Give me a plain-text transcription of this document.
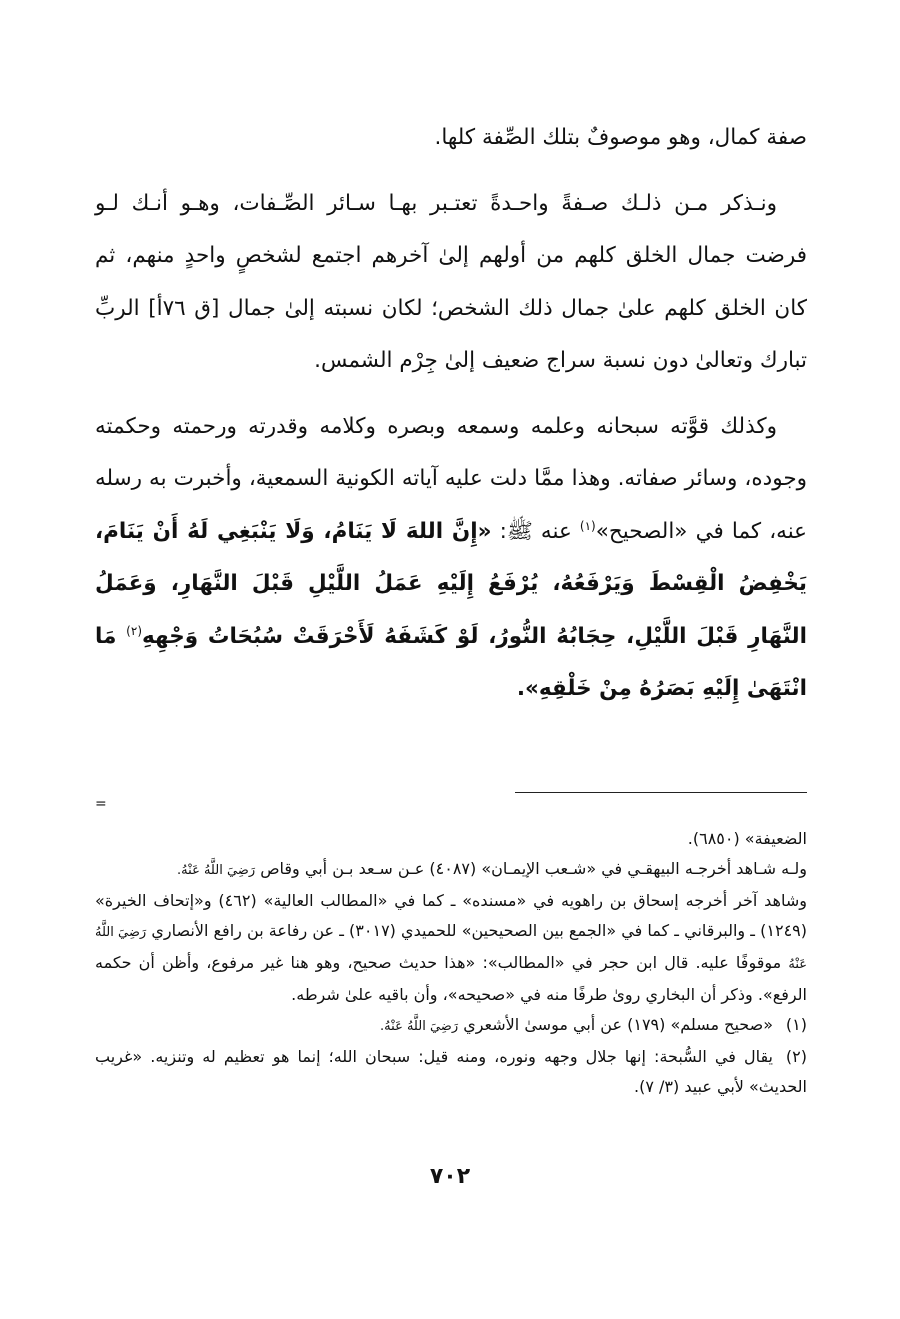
صفة كمال، وهو موصوفٌ بتلك الصِّفة كلها.

ونـذكر مـن ذلـك صـفةً واحـدةً تعتـبر بهـا سـائر الصِّـفات، وهـو أنـك لـو فرضت جمال الخلق كلهم من أولهم إلىٰ آخرهم اجتمع لشخصٍ واحدٍ منهم، ثم كان الخلق كلهم علىٰ جمال ذلك الشخص؛ لكان نسبته إلىٰ جمال [ق ٧٦أ] الربِّ تبارك وتعالىٰ دون نسبة سراج ضعيف إلىٰ جِرْم الشمس.

وكذلك قوَّته سبحانه وعلمه وسمعه وبصره وكلامه وقدرته ورحمته وحكمته وجوده، وسائر صفاته. وهذا ممَّا دلت عليه آياته الكونية السمعية، وأخبرت به رسله عنه، كما في «الصحيح»$^{(١)}$ عنه ﷺ: «إِنَّ اللهَ لَا يَنَامُ، وَلَا يَنْبَغِي لَهُ أَنْ يَنَامَ، يَخْفِضُ الْقِسْطَ وَيَرْفَعُهُ، يُرْفَعُ إِلَيْهِ عَمَلُ اللَّيْلِ قَبْلَ النَّهَارِ، وَعَمَلُ النَّهَارِ قَبْلَ اللَّيْلِ، حِجَابُهُ النُّورُ، لَوْ كَشَفَهُ لَأَحْرَقَتْ سُبُحَاتُ وَجْهِهِ$^{(٢)}$ مَا انْتَهَىٰ إِلَيْهِ بَصَرُهُ مِنْ خَلْقِهِ».

=

الضعيفة» (٦٨٥٠).

ولـه شـاهد أخرجـه البيهقـي في «شـعب الإيمـان» (٤٠٨٧) عـن سـعد بـن أبي وقاص رَضِيَ اللَّهُ عَنْهُ.

وشاهد آخر أخرجه إسحاق بن راهويه في «مسنده» ـ كما في «المطالب العالية» (٤٦٢) و«إتحاف الخيرة» (١٢٤٩) ـ والبرقاني ـ كما في «الجمع بين الصحيحين» للحميدي (٣٠١٧) ـ عن رفاعة بن رافع الأنصاري رَضِيَ اللَّهُ عَنْهُ موقوفًا عليه. قال ابن حجر في «المطالب»: «هذا حديث صحيح، وهو هنا غير مرفوع، وأظن أن حكمه الرفع». وذكر أن البخاري روىٰ طرفًا منه في «صحيحه»، وأن باقيه علىٰ شرطه.

(١)«صحيح مسلم» (١٧٩) عن أبي موسىٰ الأشعري رَضِيَ اللَّهُ عَنْهُ.

(٢)يقال في السُّبحة: إنها جلال وجهه ونوره، ومنه قيل: سبحان الله؛ إنما هو تعظيم له وتنزيه. «غريب الحديث» لأبي عبيد (٣/ ٧).

٧٠٢
